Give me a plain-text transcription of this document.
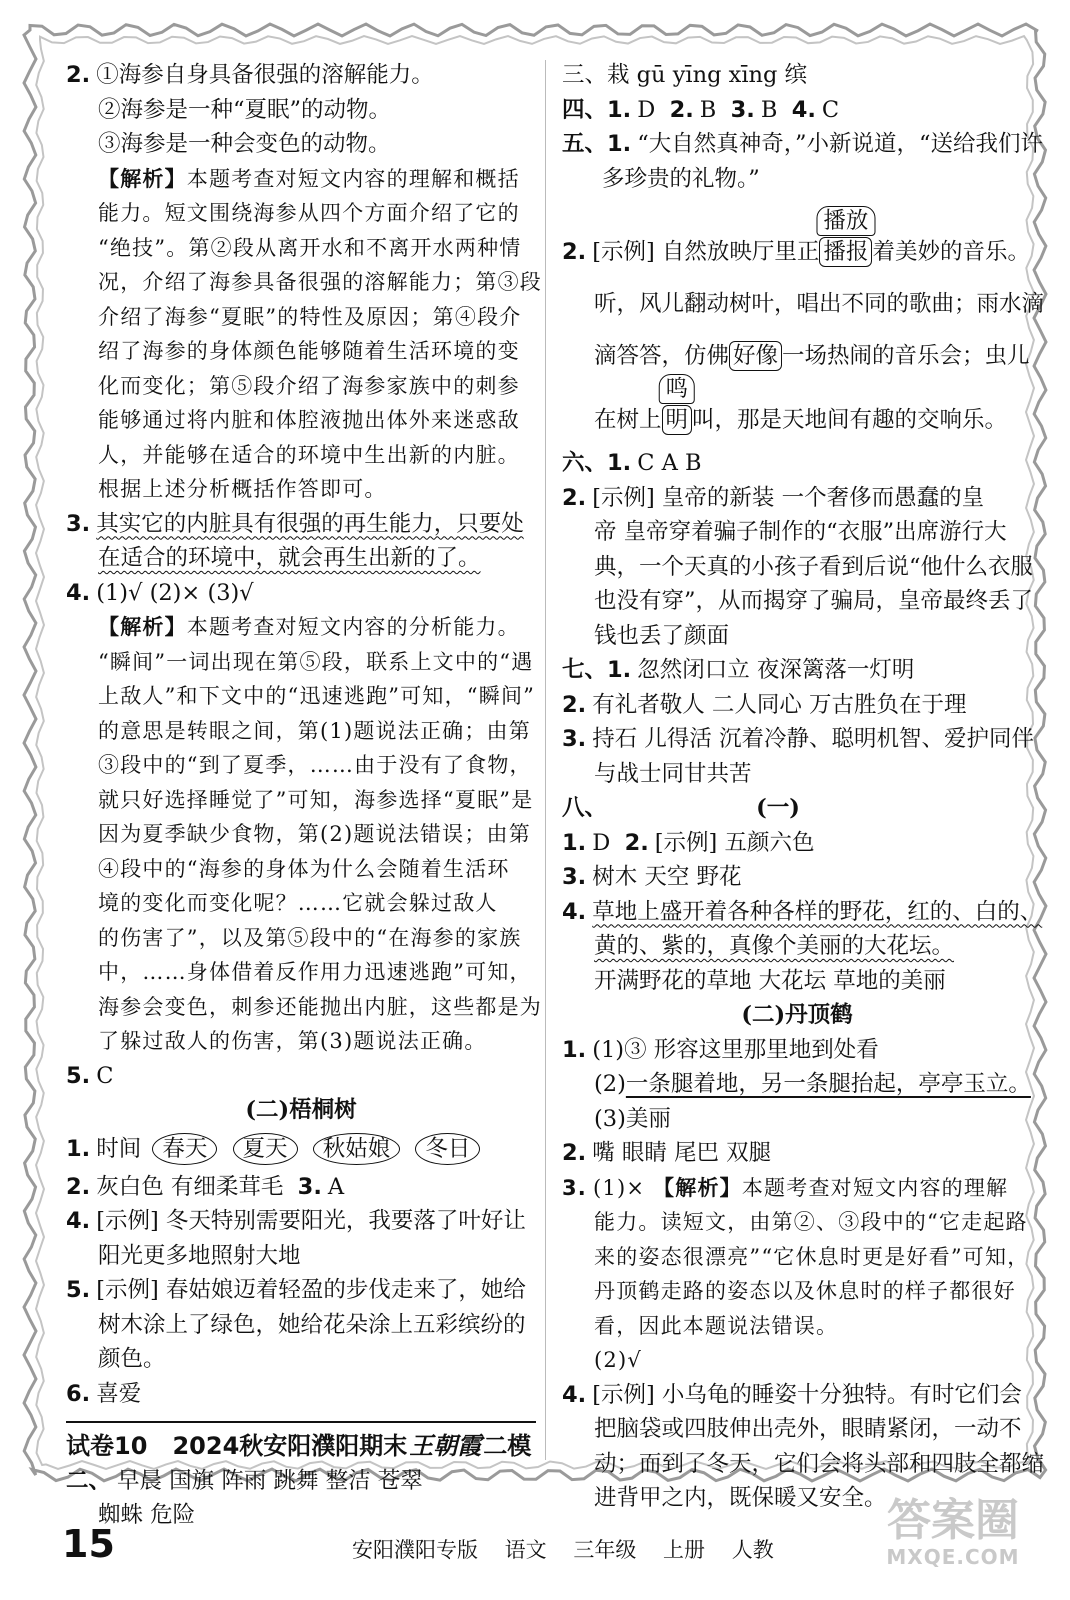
2. ①海参自身具备很强的溶解能力。
②海参是一种“夏眠”的动物。
③海参是一种会变色的动物。
【解析】本题考查对短文内容的理解和概括
能力。短文围绕海参从四个方面介绍了它的
“绝技”。第②段从离开水和不离开水两种情
况，介绍了海参具备很强的溶解能力；第③段
介绍了海参“夏眠”的特性及原因；第④段介
绍了海参的身体颜色能够随着生活环境的变
化而变化；第⑤段介绍了海参家族中的刺参
能够通过将内脏和体腔液抛出体外来迷惑敌
人，并能够在适合的环境中生出新的内脏。
根据上述分析概括作答即可。
3. 其实它的内脏具有很强的再生能力，只要处
在适合的环境中，就会再生出新的了。
4. (1)√ (2)× (3)√
【解析】本题考查对短文内容的分析能力。
“瞬间”一词出现在第⑤段，联系上文中的“遇
上敌人”和下文中的“迅速逃跑”可知，“瞬间”
的意思是转眼之间，第(1)题说法正确；由第
③段中的“到了夏季，……由于没有了食物，
就只好选择睡觉了”可知，海参选择“夏眠”是
因为夏季缺少食物，第(2)题说法错误；由第
④段中的“海参的身体为什么会随着生活环
境的变化而变化呢？……它就会躲过敌人
的伤害了”，以及第⑤段中的“在海参的家族
中，……身体借着反作用力迅速逃跑”可知，
海参会变色，刺参还能抛出内脏，这些都是为
了躲过敌人的伤害，第(3)题说法正确。
5. C
(二)梧桐树
1. 时间 春天 夏天 秋姑娘 冬日
2. 灰白色 有细柔茸毛 3. A
4. [示例] 冬天特别需要阳光，我要落了叶好让
阳光更多地照射大地
5. [示例] 春姑娘迈着轻盈的步伐走来了，她给
树木涂上了绿色，她给花朵涂上五彩缤纷的
颜色。
6. 喜爱
试卷10 2024秋安阳濮阳期末王朝霞二模
二、 早晨 国旗 阵雨 跳舞 整洁 苍翠
蜘蛛 危险
三、栽 gū yīng xīng 缤
四、1. D 2. B 3. B 4. C
五、1. “大自然真神奇，”小新说道，“送给我们许
多珍贵的礼物。”
2. [示例] 自然放映厅里正 播报
播放
着美妙的音乐。
听，风儿翻动树叶，唱出不同的歌曲；雨水滴
滴答答，仿佛 好像 一场热闹的音乐会；虫儿
在树上 明
鸣
叫，那是天地间有趣的交响乐。
六、1. C A B
2. [示例] 皇帝的新装 一个奢侈而愚蠢的皇
帝 皇帝穿着骗子制作的“衣服”出席游行大
典，一个天真的小孩子看到后说“他什么衣服
也没有穿”，从而揭穿了骗局，皇帝最终丢了
钱也丢了颜面
七、1. 忽然闭口立 夜深篱落一灯明
2. 有礼者敬人 二人同心 万古胜负在于理
3. 持石 儿得活 沉着冷静、聪明机智、爱护同伴
与战士同甘共苦
八、	(一)
1. D 2. [示例] 五颜六色
3. 树木 天空 野花
4. 草地上盛开着各种各样的野花，红的、白的、
黄的、紫的，真像个美丽的大花坛。
开满野花的草地 大花坛 草地的美丽
(二)丹顶鹤
1. (1)③ 形容这里那里地到处看
(2)一条腿着地，另一条腿抬起，亭亭玉立。
(3)美丽
2. 嘴 眼睛 尾巴 双腿
3. (1)× 【解析】本题考查对短文内容的理解
能力。读短文，由第②、③段中的“它走起路
来的姿态很漂亮”“它休息时更是好看”可知，
丹顶鹤走路的姿态以及休息时的样子都很好
看，因此本题说法错误。
(2)√
4. [示例] 小乌龟的睡姿十分独特。有时它们会
把脑袋或四肢伸出壳外，眼睛紧闭，一动不
动；而到了冬天，它们会将头部和四肢全都缩
进背甲之内，既保暖又安全。
15	安阳濮阳专版 语文 三年级 上册 人教
答案圈
MXQE.COM
